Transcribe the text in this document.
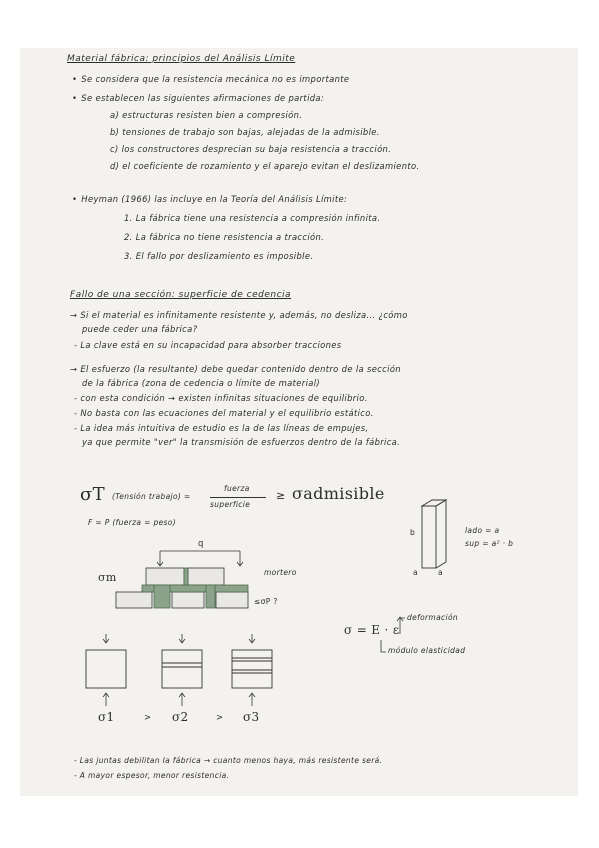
Material fábrica: principios del Análisis Límite
• Se considera que la resistencia mecánica no es importante
• Se establecen las siguientes afirmaciones de partida:
a) estructuras resisten bien a compresión.
b) tensiones de trabajo son bajas, alejadas de la admisible.
c) los constructores desprecian su baja resistencia a tracción.
d) el coeficiente de rozamiento y el aparejo evitan el deslizamiento.
• Heyman (1966) las incluye en la Teoría del Análisis Límite:
1. La fábrica tiene una resistencia a compresión infinita.
2. La fábrica no tiene resistencia a tracción.
3. El fallo por deslizamiento es imposible.
Fallo de una sección: superficie de cedencia
→ Si el material es infinitamente resistente y, además, no desliza... ¿cómo
puede ceder una fábrica?
- La clave está en su incapacidad para absorber tracciones
→ El esfuerzo (la resultante) debe quedar contenido dentro de la sección
de la fábrica (zona de cedencia o límite de material)
- con esta condición → existen infinitas situaciones de equilibrio.
- No basta con las ecuaciones del material y el equilibrio estático.
- La idea más intuitiva de estudio es la de las líneas de empujes,
ya que permite "ver" la transmisión de esfuerzos dentro de la fábrica.
σT (Tensión trabajo) =
fuerza
superficie
≥ σadmisible
F = P (fuerza = peso)
b
a	a
lado = a
sup = a² · b
q
σm	mortero
≤σP ?
deformación
σ = E · ε
módulo elasticidad
σ1	> σ2	> σ3
- Las juntas debilitan la fábrica → cuanto menos haya, más resistente será.
- A mayor espesor, menor resistencia.
